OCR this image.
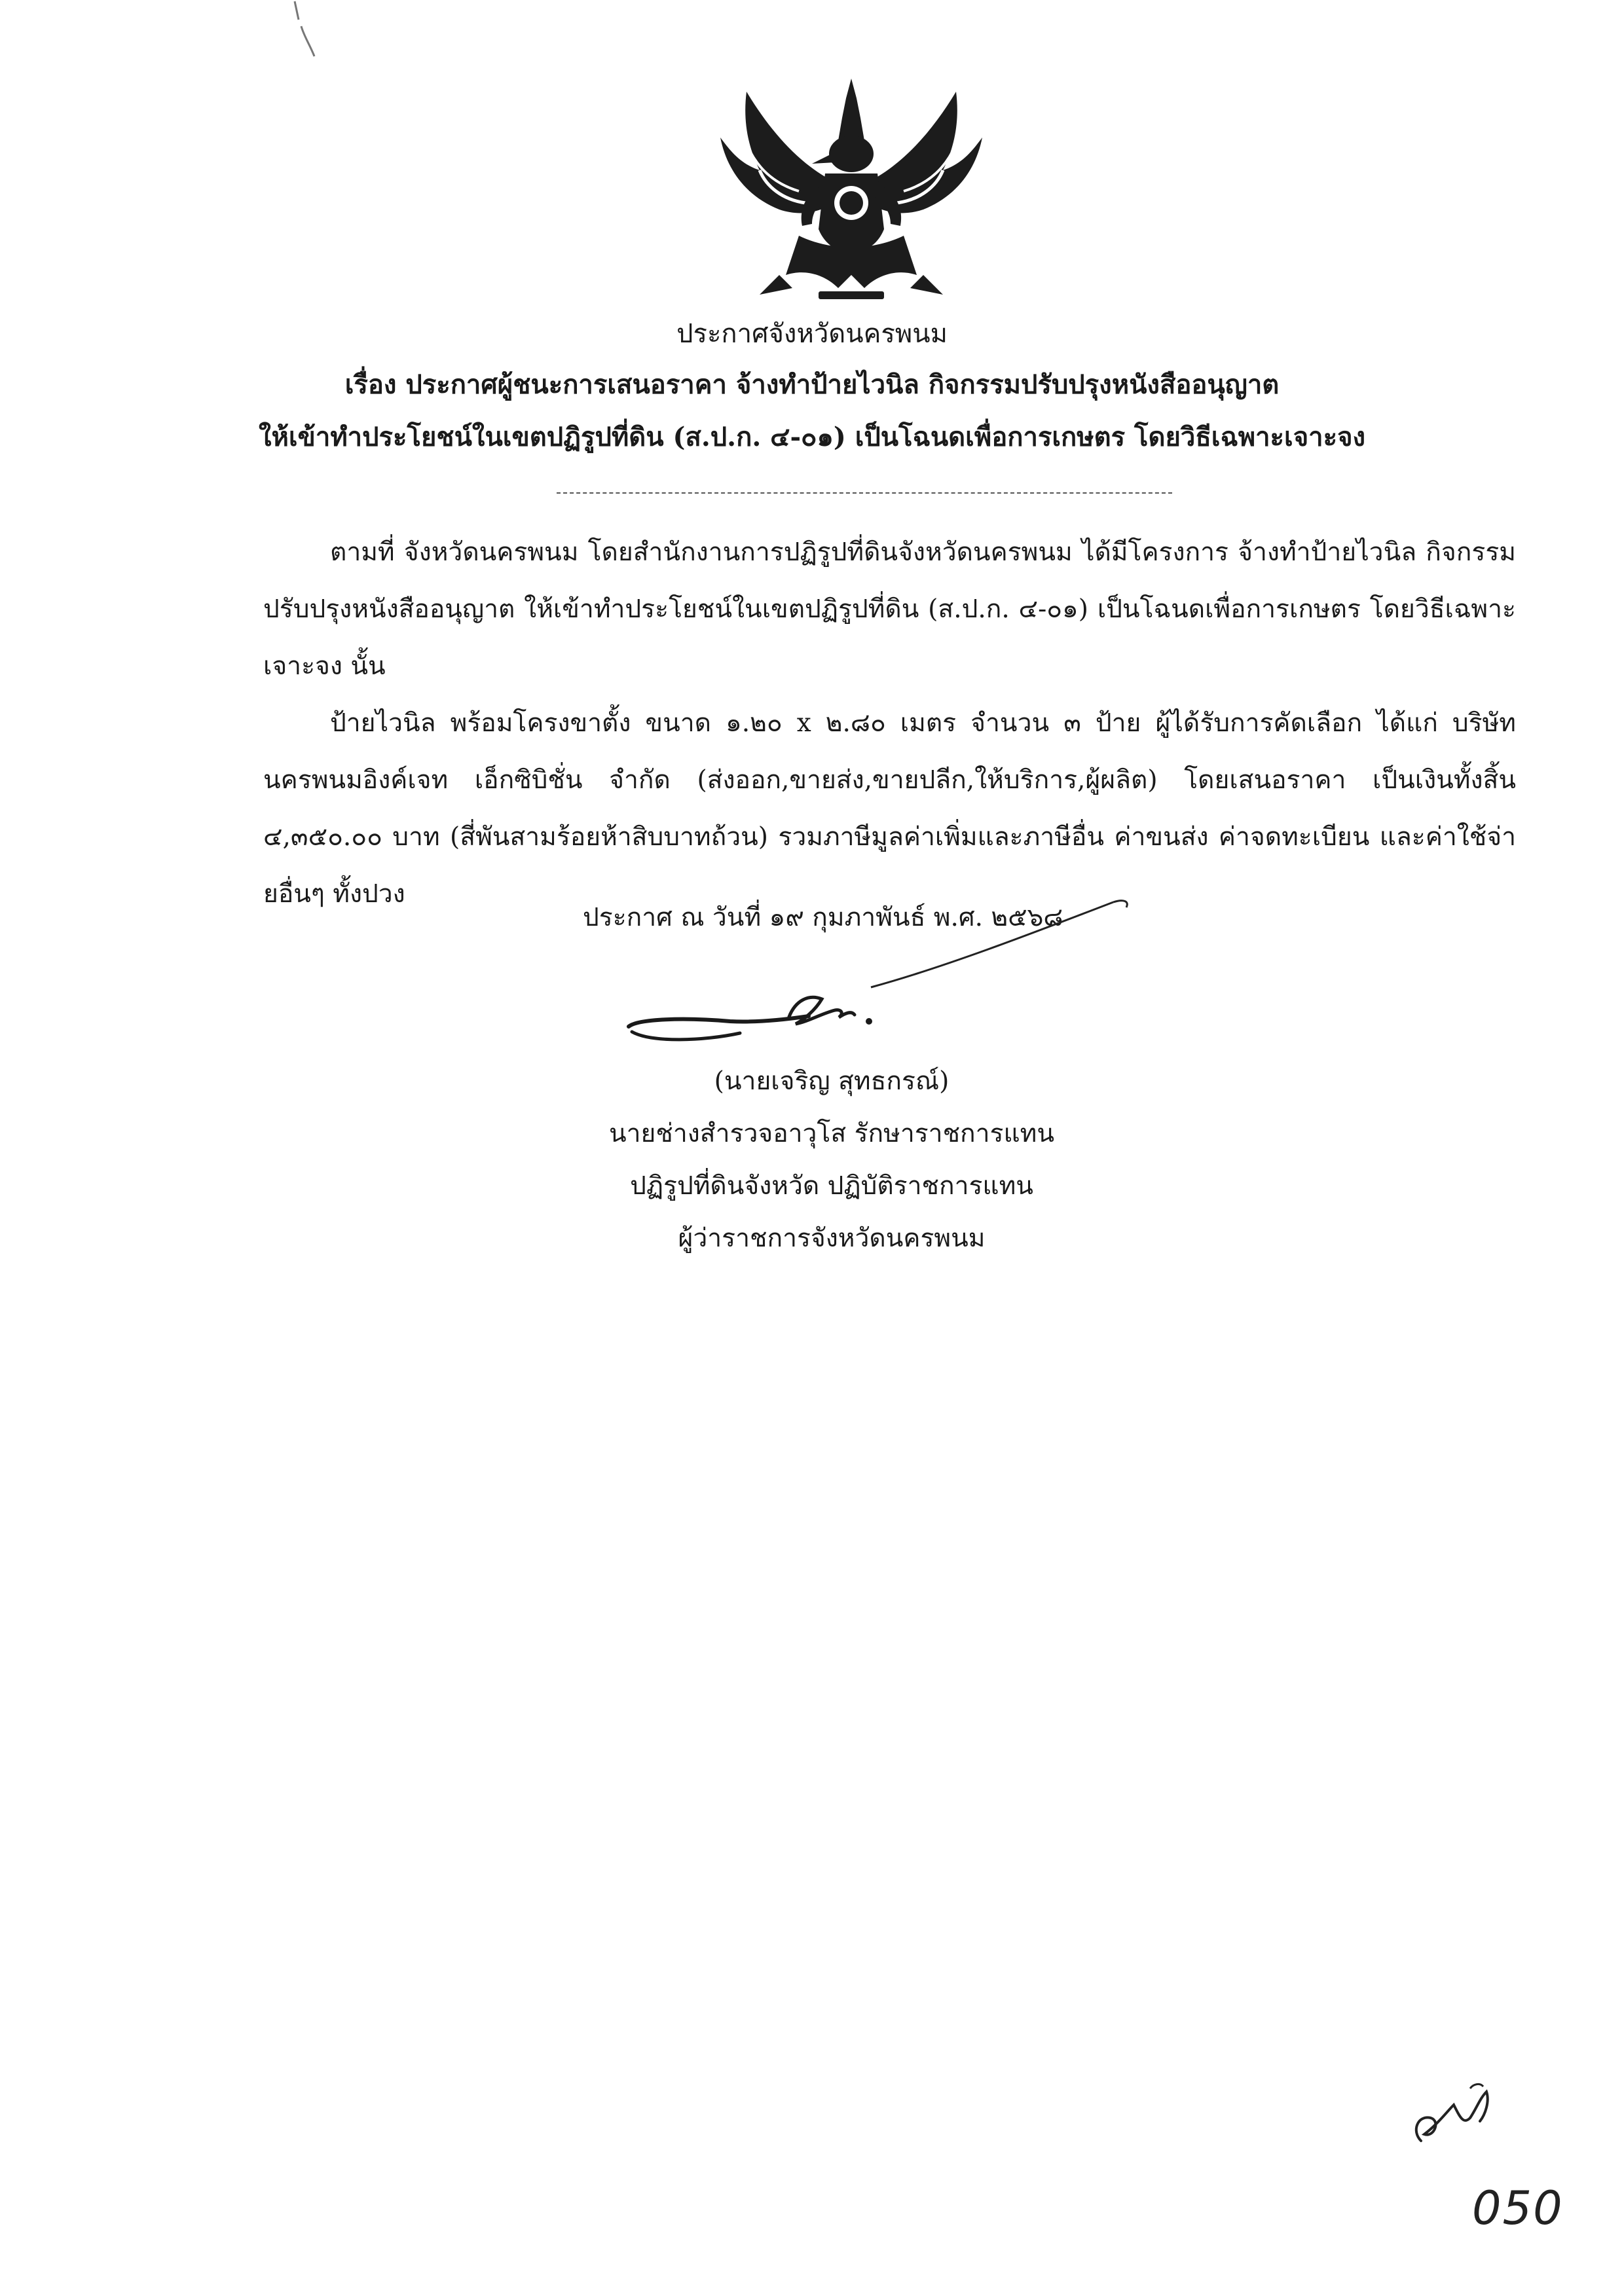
ประกาศจังหวัดนครพนม
เรื่อง ประกาศผู้ชนะการเสนอราคา จ้างทำป้ายไวนิล กิจกรรมปรับปรุงหนังสืออนุญาต
ให้เข้าทำประโยชน์ในเขตปฏิรูปที่ดิน (ส.ป.ก. ๔-๐๑) เป็นโฉนดเพื่อการเกษตร โดยวิธีเฉพาะเจาะจง

ตามที่ จังหวัดนครพนม โดยสำนักงานการปฏิรูปที่ดินจังหวัดนครพนม ได้มีโครงการ จ้างทำป้ายไวนิล กิจกรรมปรับปรุงหนังสืออนุญาต ให้เข้าทำประโยชน์ในเขตปฏิรูปที่ดิน (ส.ป.ก. ๔-๐๑) เป็นโฉนดเพื่อการเกษตร โดยวิธีเฉพาะเจาะจง นั้น

ป้ายไวนิล พร้อมโครงขาตั้ง ขนาด ๑.๒๐ x ๒.๘๐ เมตร จำนวน ๓ ป้าย ผู้ได้รับการคัดเลือก ได้แก่ บริษัท นครพนมอิงค์เจท เอ็กซิบิชั่น จำกัด (ส่งออก,ขายส่ง,ขายปลีก,ให้บริการ,ผู้ผลิต) โดยเสนอราคา เป็นเงินทั้งสิ้น ๔,๓๕๐.๐๐ บาท (สี่พันสามร้อยห้าสิบบาทถ้วน) รวมภาษีมูลค่าเพิ่มและภาษีอื่น ค่าขนส่ง ค่าจดทะเบียน และค่าใช้จ่ายอื่นๆ ทั้งปวง

ประกาศ ณ วันที่ ๑๙ กุมภาพันธ์ พ.ศ. ๒๕๖๘
(นายเจริญ สุทธกรณ์)
นายช่างสำรวจอาวุโส รักษาราชการแทน
ปฏิรูปที่ดินจังหวัด ปฏิบัติราชการแทน
ผู้ว่าราชการจังหวัดนครพนม
050
